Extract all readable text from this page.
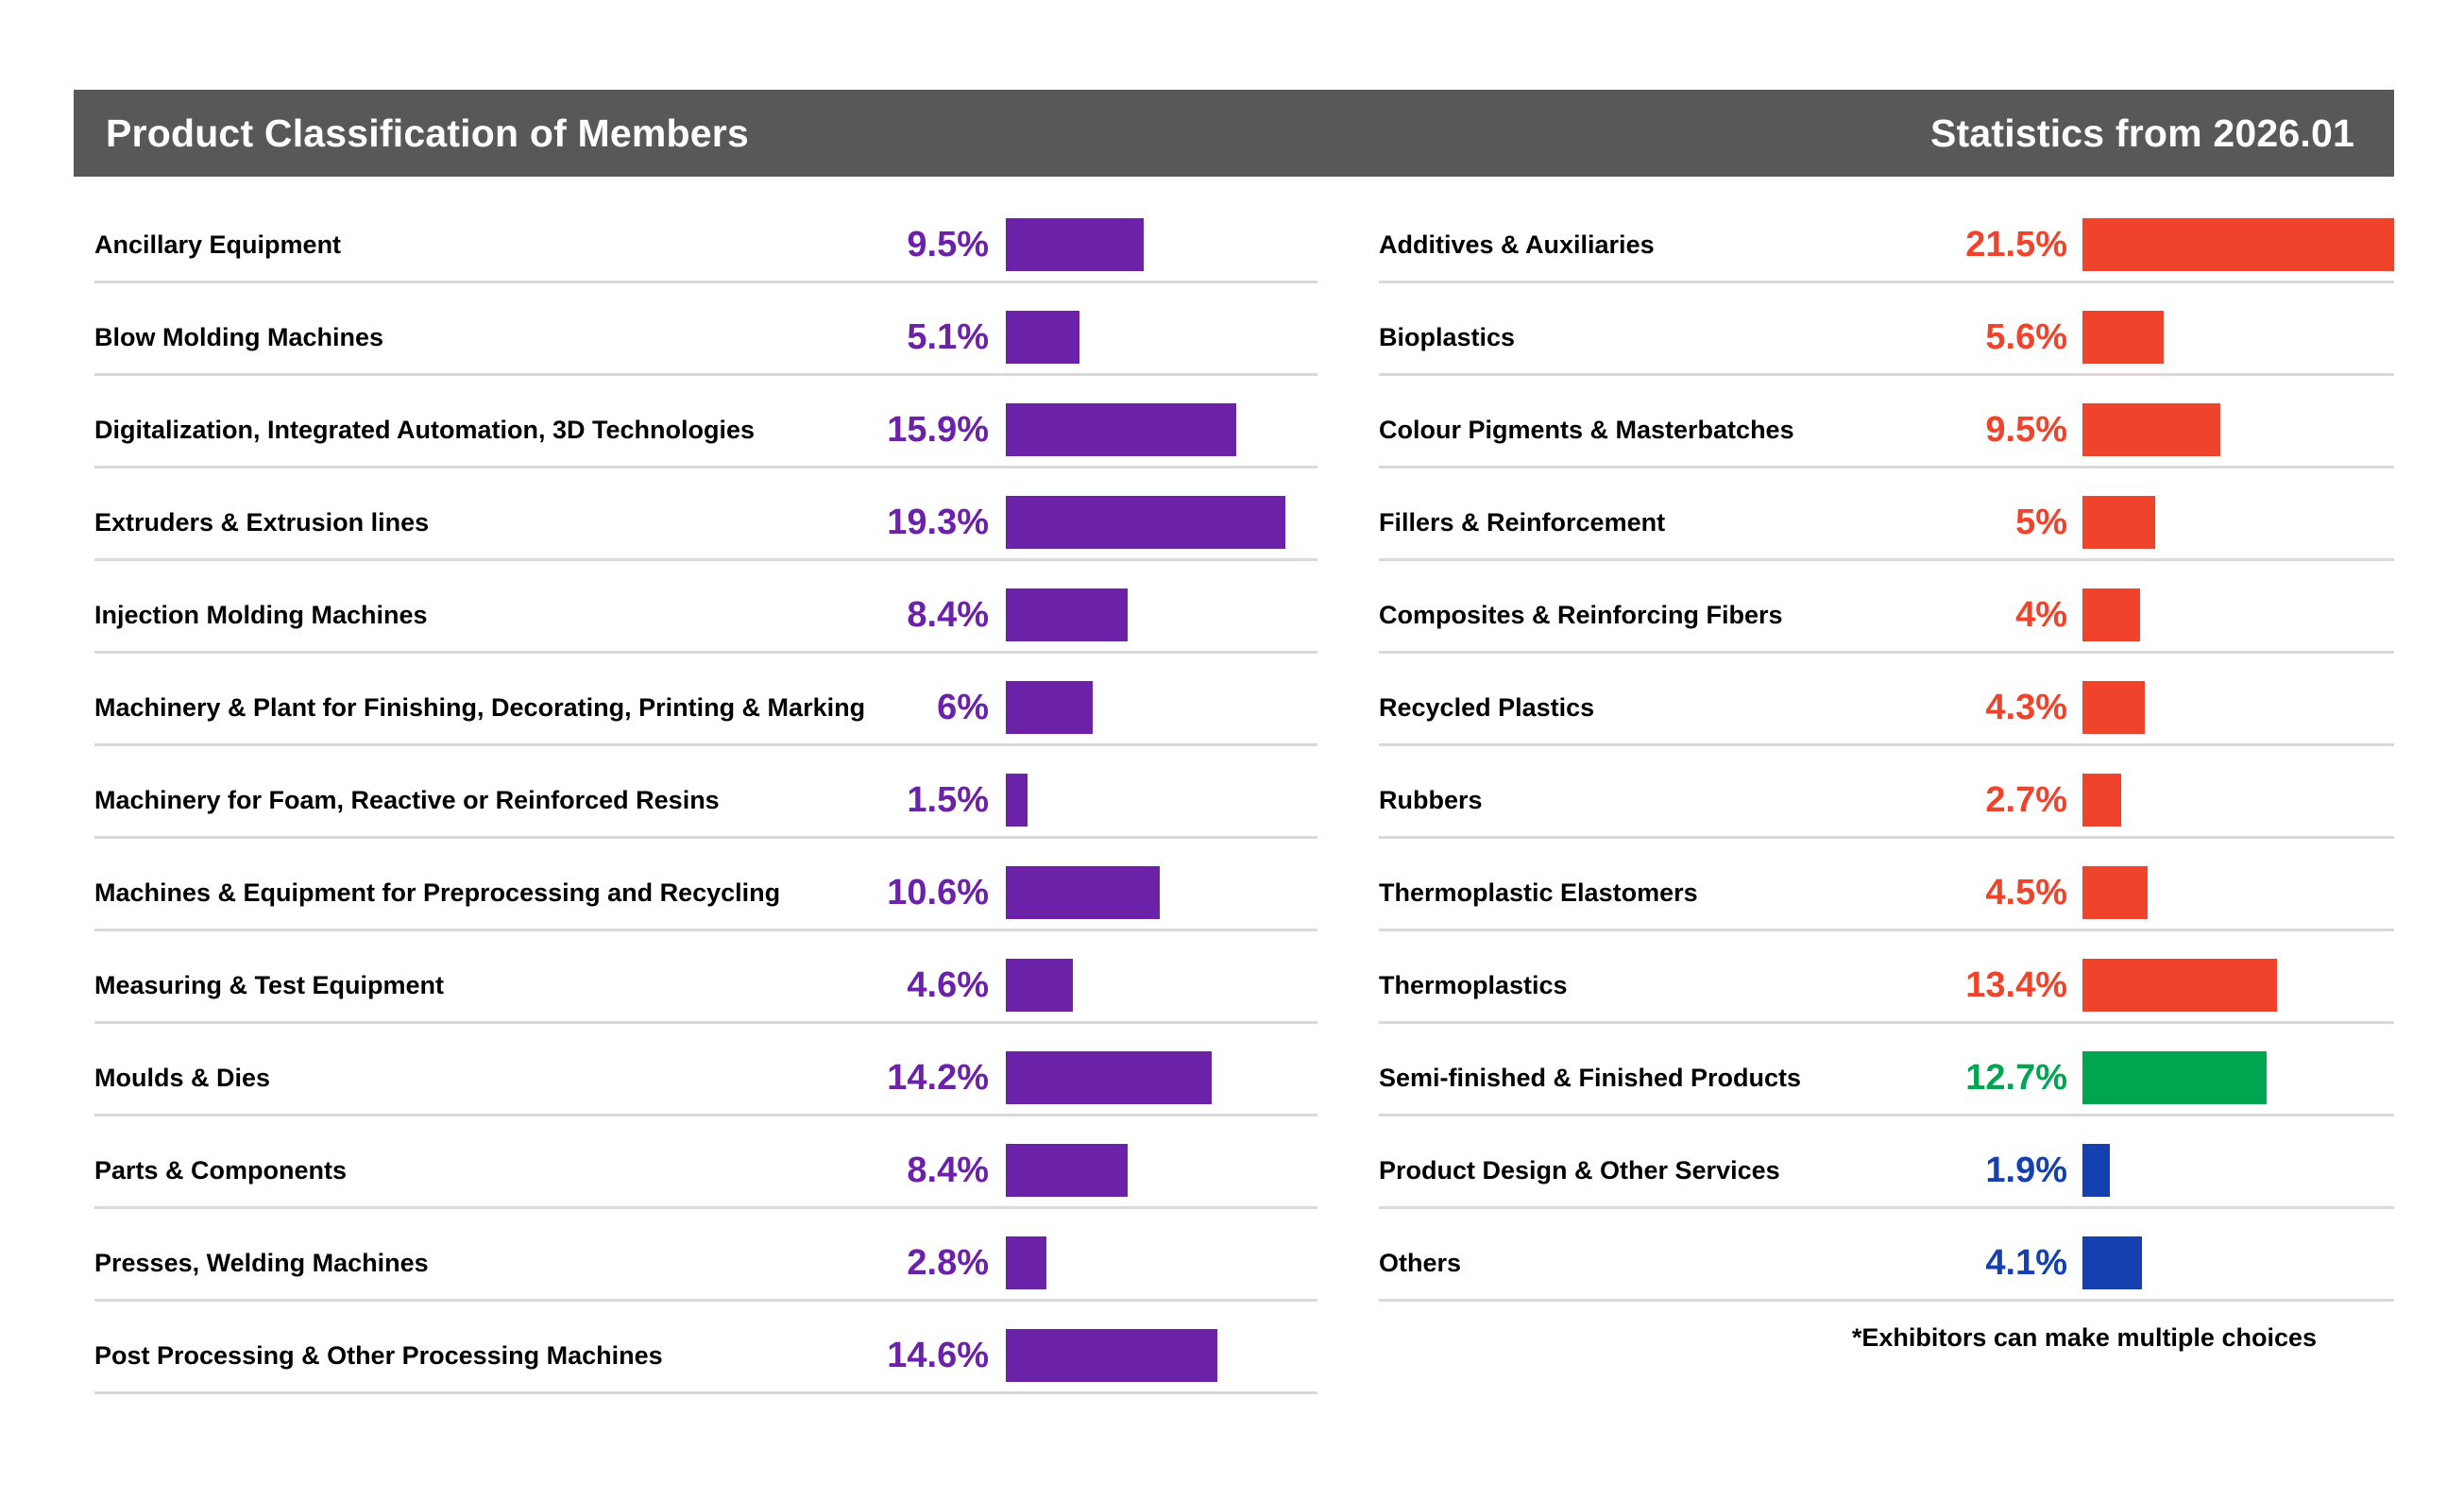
Product Classification of Members	Statistics from 2026.01
Ancillary Equipment	9.5%
Blow Molding Machines	5.1%
Digitalization, Integrated Automation, 3D Technologies	15.9%
Extruders & Extrusion lines	19.3%
Injection Molding Machines	8.4%
Machinery & Plant for Finishing, Decorating, Printing & Marking 6%
Machinery for Foam, Reactive or Reinforced Resins	1.5%
Machines & Equipment for Preprocessing and Recycling	10.6%
Measuring & Test Equipment	4.6%
Moulds & Dies	14.2%
Parts & Components	8.4%
Presses, Welding Machines	2.8%
Post Processing & Other Processing Machines	14.6%
Additives & Auxiliaries	21.5%
Bioplastics	5.6%
Colour Pigments & Masterbatches	9.5%
Fillers & Reinforcement	5%
Composites & Reinforcing Fibers	4%
Recycled Plastics	4.3%
Rubbers	2.7%
Thermoplastic Elastomers	4.5%
Thermoplastics	13.4%
Semi-finished & Finished Products	12.7%
Product Design & Other Services	1.9%
Others	4.1%
*Exhibitors can make multiple choices
